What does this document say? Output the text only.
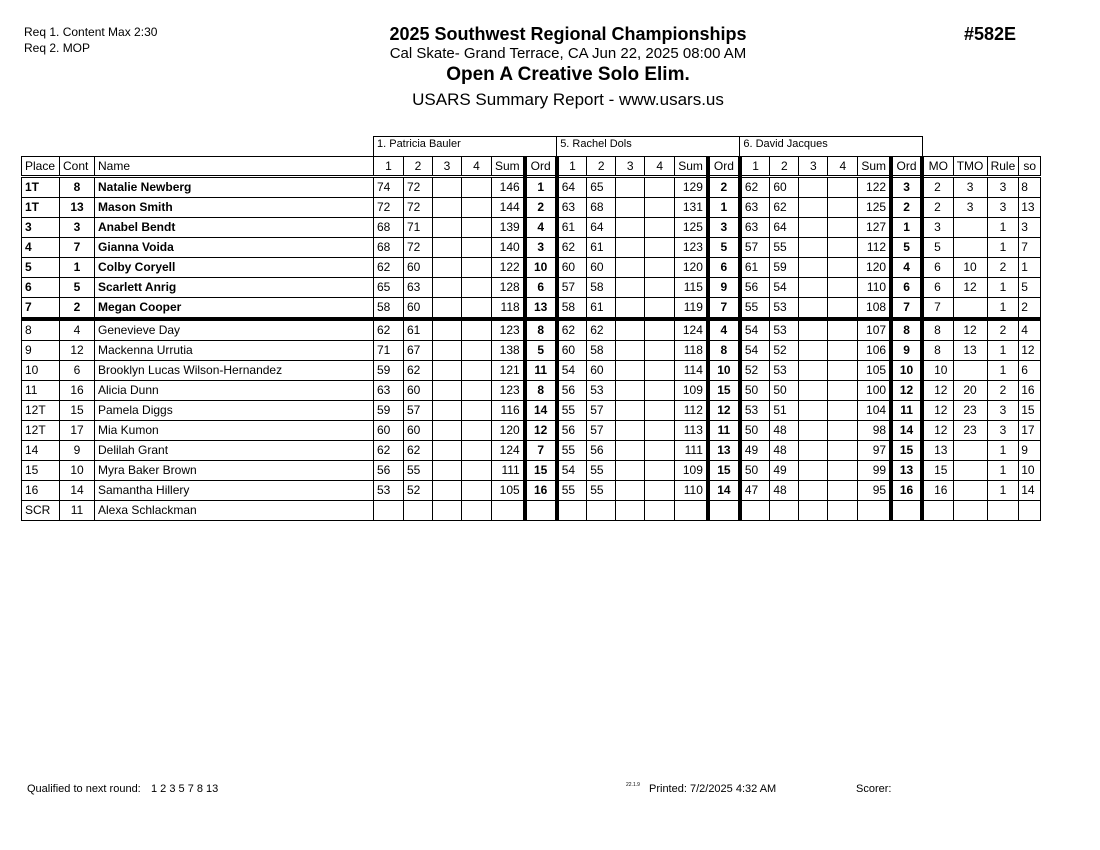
Req 1. Content Max 2:30
Req 2. MOP
2025 Southwest Regional Championships
Cal Skate- Grand Terrace, CA Jun 22, 2025 08:00 AM
Open A Creative Solo Elim.
USARS Summary Report - www.usars.us
#582E
			1. Patricia Bauler						5. Rachel Dols						6. David Jacques									
Place	Cont	Name	1	2	3	4	Sum	Ord	1	2	3	4	Sum	Ord	1	2	3	4	Sum	Ord	MO	TMO	Rule	so
1T	8	Natalie Newberg	74	72			146	1	64	65			129	2	62	60			122	3	2	3	3	8
1T	13	Mason Smith	72	72			144	2	63	68			131	1	63	62			125	2	2	3	3	13
3	3	Anabel Bendt	68	71			139	4	61	64			125	3	63	64			127	1	3		1	3
4	7	Gianna Voida	68	72			140	3	62	61			123	5	57	55			112	5	5		1	7
5	1	Colby Coryell	62	60			122	10	60	60			120	6	61	59			120	4	6	10	2	1
6	5	Scarlett Anrig	65	63			128	6	57	58			115	9	56	54			110	6	6	12	1	5
7	2	Megan Cooper	58	60			118	13	58	61			119	7	55	53			108	7	7		1	2
8	4	Genevieve Day	62	61			123	8	62	62			124	4	54	53			107	8	8	12	2	4
9	12	Mackenna Urrutia	71	67			138	5	60	58			118	8	54	52			106	9	8	13	1	12
10	6	Brooklyn Lucas Wilson-Hernandez	59	62			121	11	54	60			114	10	52	53			105	10	10		1	6
11	16	Alicia Dunn	63	60			123	8	56	53			109	15	50	50			100	12	12	20	2	16
12T	15	Pamela Diggs	59	57			116	14	55	57			112	12	53	51			104	11	12	23	3	15
12T	17	Mia Kumon	60	60			120	12	56	57			113	11	50	48			98	14	12	23	3	17
14	9	Delilah Grant	62	62			124	7	55	56			111	13	49	48			97	15	13		1	9
15	10	Myra Baker Brown	56	55			111	15	54	55			109	15	50	49			99	13	15		1	10
16	14	Samantha Hillery	53	52			105	16	55	55			110	14	47	48			95	16	16		1	14
SCR	11	Alexa Schlackman																						
Qualified to next round: 1 2 3 5 7 8 13	22.1.9 Printed: 7/2/2025 4:32 AM	Scorer:
